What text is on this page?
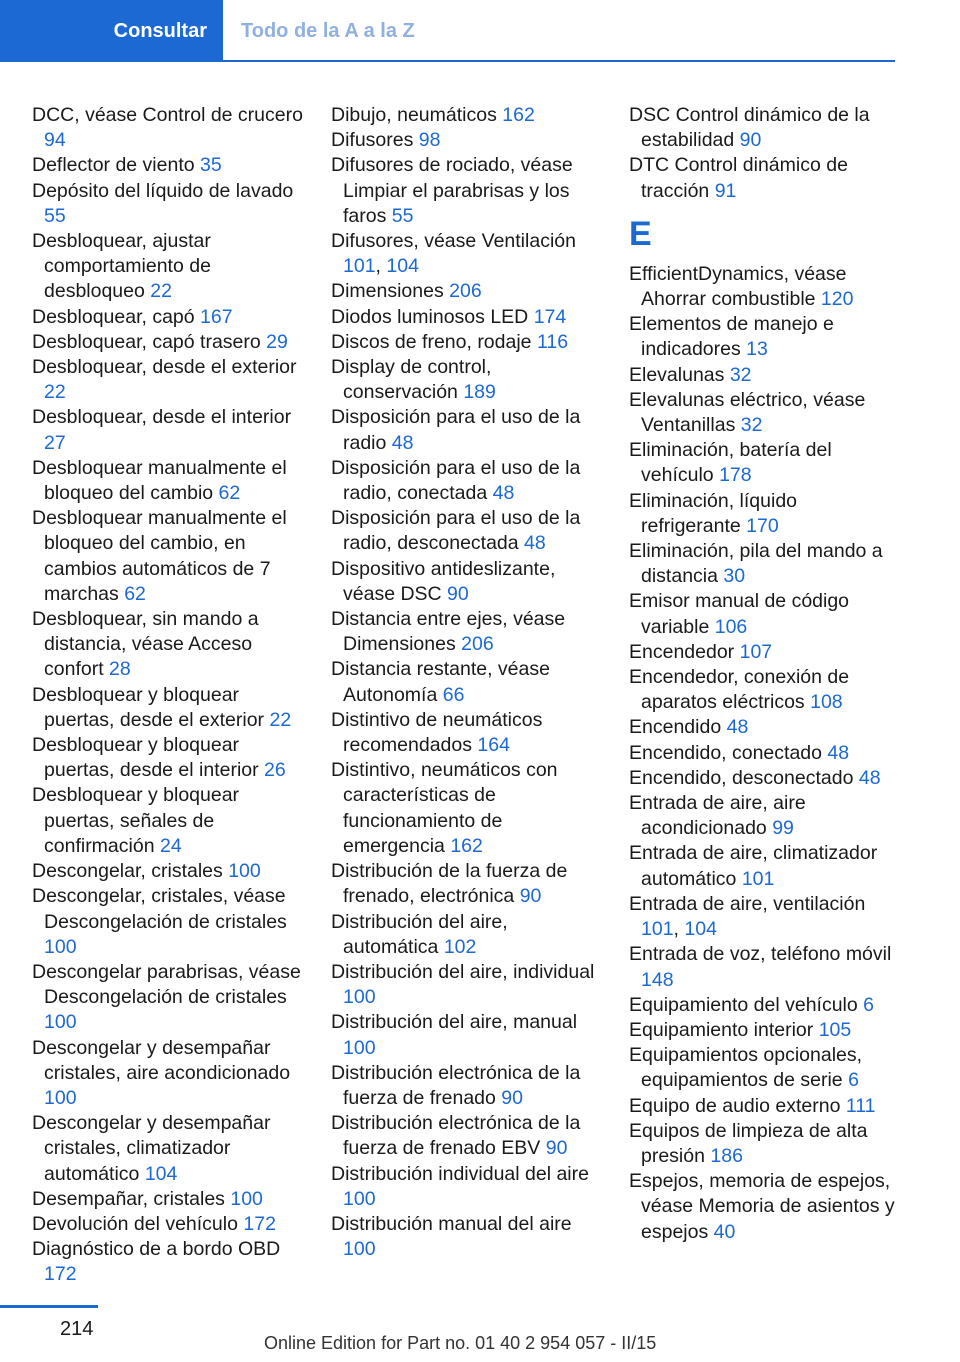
Consultar	Todo de la A a la Z

DCC, véase Control de crucero 94

Deflector de viento 35

Depósito del líquido de lavado 55

Desbloquear, ajustar comportamiento de desbloqueo 22

Desbloquear, capó 167

Desbloquear, capó trasero 29

Desbloquear, desde el exterior 22

Desbloquear, desde el interior 27

Desbloquear manualmente el bloqueo del cambio 62

Desbloquear manualmente el bloqueo del cambio, en cambios automáticos de 7 marchas 62

Desbloquear, sin mando a distancia, véase Acceso confort 28

Desbloquear y bloquear puertas, desde el exterior 22

Desbloquear y bloquear puertas, desde el interior 26

Desbloquear y bloquear puertas, señales de confirmación 24

Descongelar, cristales 100

Descongelar, cristales, véase Descongelación de cristales 100

Descongelar parabrisas, véase Descongelación de cristales 100

Descongelar y desempañar cristales, aire acondicionado 100

Descongelar y desempañar cristales, climatizador automático 104

Desempañar, cristales 100

Devolución del vehículo 172

Diagnóstico de a bordo OBD 172

Dibujo, neumáticos 162

Difusores 98

Difusores de rociado, véase Limpiar el parabrisas y los faros 55

Difusores, véase Ventilación 101, 104

Dimensiones 206

Diodos luminosos LED 174

Discos de freno, rodaje 116

Display de control, conservación 189

Disposición para el uso de la radio 48

Disposición para el uso de la radio, conectada 48

Disposición para el uso de la radio, desconectada 48

Dispositivo antideslizante, véase DSC 90

Distancia entre ejes, véase Dimensiones 206

Distancia restante, véase Autonomía 66

Distintivo de neumáticos recomendados 164

Distintivo, neumáticos con características de funcionamiento de emergencia 162

Distribución de la fuerza de frenado, electrónica 90

Distribución del aire, automática 102

Distribución del aire, individual 100

Distribución del aire, manual 100

Distribución electrónica de la fuerza de frenado 90

Distribución electrónica de la fuerza de frenado EBV 90

Distribución individual del aire 100

Distribución manual del aire 100

DSC Control dinámico de la estabilidad 90

DTC Control dinámico de tracción 91

E

EfficientDynamics, véase Ahorrar combustible 120

Elementos de manejo e indicadores 13

Elevalunas 32

Elevalunas eléctrico, véase Ventanillas 32

Eliminación, batería del vehículo 178

Eliminación, líquido refrigerante 170

Eliminación, pila del mando a distancia 30

Emisor manual de código variable 106

Encendedor 107

Encendedor, conexión de aparatos eléctricos 108

Encendido 48

Encendido, conectado 48

Encendido, desconectado 48

Entrada de aire, aire acondicionado 99

Entrada de aire, climatizador automático 101

Entrada de aire, ventilación 101, 104

Entrada de voz, teléfono móvil 148

Equipamiento del vehículo 6

Equipamiento interior 105

Equipamientos opcionales, equipamientos de serie 6

Equipo de audio externo 111

Equipos de limpieza de alta presión 186

Espejos, memoria de espejos, véase Memoria de asientos y espejos 40

214
Online Edition for Part no. 01 40 2 954 057 - II/15
